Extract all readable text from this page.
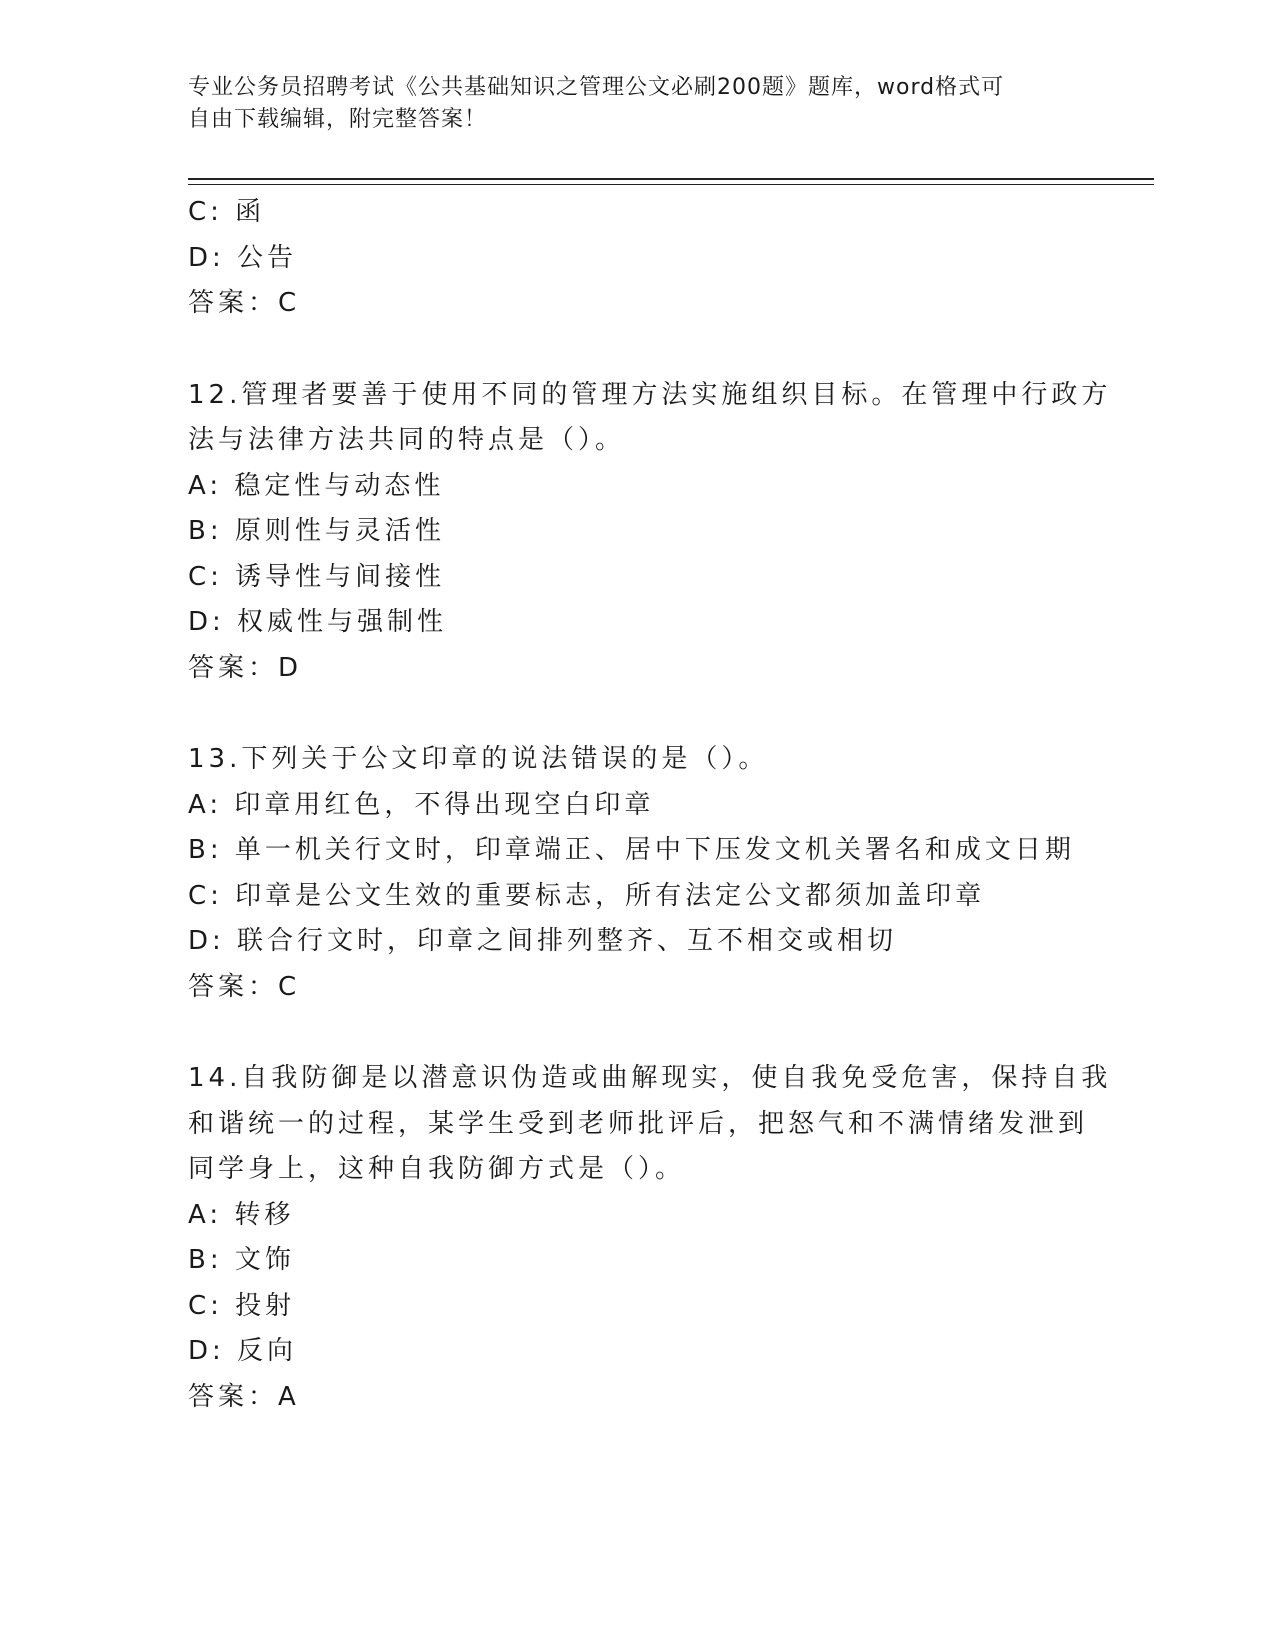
专业公务员招聘考试《公共基础知识之管理公文必刷200题》题库，word格式可
自由下载编辑，附完整答案！
C: 函
D: 公告
答案：C
12.管理者要善于使用不同的管理方法实施组织目标。在管理中行政方
法与法律方法共同的特点是（）。
A: 稳定性与动态性
B: 原则性与灵活性
C: 诱导性与间接性
D: 权威性与强制性
答案：D
13.下列关于公文印章的说法错误的是（）。
A: 印章用红色，不得出现空白印章
B: 单一机关行文时，印章端正、居中下压发文机关署名和成文日期
C: 印章是公文生效的重要标志，所有法定公文都须加盖印章
D: 联合行文时，印章之间排列整齐、互不相交或相切
答案：C
14.自我防御是以潜意识伪造或曲解现实，使自我免受危害，保持自我
和谐统一的过程，某学生受到老师批评后，把怒气和不满情绪发泄到
同学身上，这种自我防御方式是（）。
A: 转移
B: 文饰
C: 投射
D: 反向
答案：A
